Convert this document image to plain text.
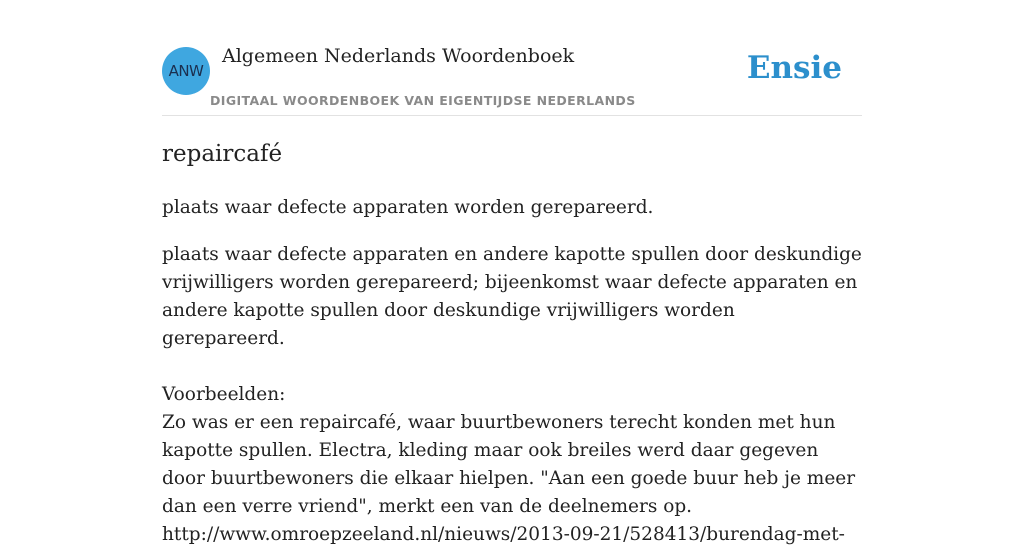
ANW
Algemeen Nederlands Woordenboek
DIGITAAL WOORDENBOEK VAN EIGENTIJDSE NEDERLANDS
Ensie
repaircafé

plaats waar defecte apparaten worden gerepareerd.

plaats waar defecte apparaten en andere kapotte spullen door deskundige vrijwilligers worden gerepareerd; bijeenkomst waar defecte apparaten en andere kapotte spullen door deskundige vrijwilligers worden gerepareerd.

Voorbeelden:

Zo was er een repaircafé, waar buurtbewoners terecht konden met hun kapotte spullen. Electra, kleding maar ook breiles werd daar gegeven door buurtbewoners die elkaar hielpen. "Aan een goede buur heb je meer dan een verre vriend", merkt een van de deelnemers op.

http://www.omroepzeeland.nl/nieuws/2013-09-21/528413/burendag-met-
